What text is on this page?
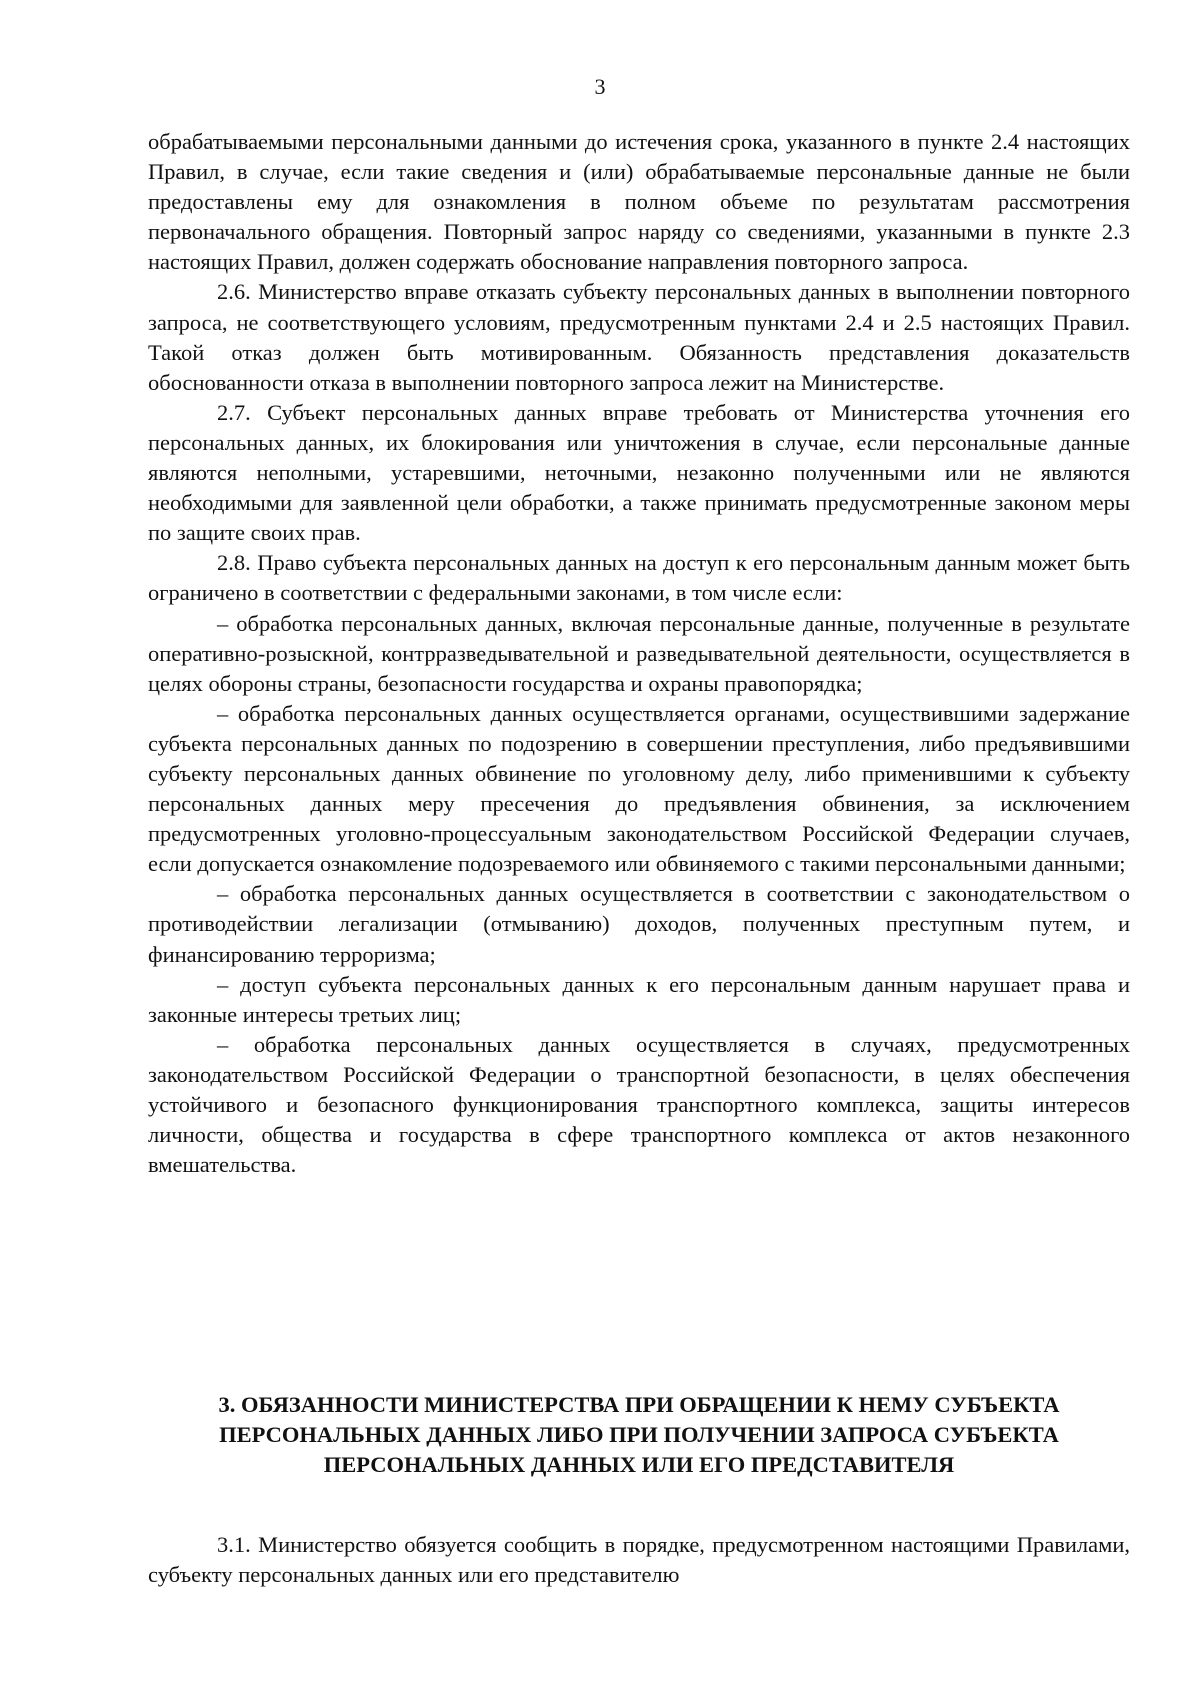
3

обрабатываемыми персональными данными до истечения срока, указанного в пункте 2.4 настоящих Правил, в случае, если такие сведения и (или) обрабатываемые персональные данные не были предоставлены ему для ознакомления в полном объеме по результатам рассмотрения первоначального обращения. Повторный запрос наряду со сведениями, указанными в пункте 2.3 настоящих Правил, должен содержать обоснование направления повторного запроса.

2.6. Министерство вправе отказать субъекту персональных данных в выполнении повторного запроса, не соответствующего условиям, предусмотренным пунктами 2.4 и 2.5 настоящих Правил. Такой отказ должен быть мотивированным. Обязанность представления доказательств обоснованности отказа в выполнении повторного запроса лежит на Министерстве.

2.7. Субъект персональных данных вправе требовать от Министерства уточнения его персональных данных, их блокирования или уничтожения в случае, если персональные данные являются неполными, устаревшими, неточными, незаконно полученными или не являются необходимыми для заявленной цели обработки, а также принимать предусмотренные законом меры по защите своих прав.

2.8. Право субъекта персональных данных на доступ к его персональным данным может быть ограничено в соответствии с федеральными законами, в том числе если:

– обработка персональных данных, включая персональные данные, полученные в результате оперативно-розыскной, контрразведывательной и разведывательной деятельности, осуществляется в целях обороны страны, безопасности государства и охраны правопорядка;

– обработка персональных данных осуществляется органами, осуществившими задержание субъекта персональных данных по подозрению в совершении преступления, либо предъявившими субъекту персональных данных обвинение по уголовному делу, либо применившими к субъекту персональных данных меру пресечения до предъявления обвинения, за исключением предусмотренных уголовно-процессуальным законодательством Российской Федерации случаев, если допускается ознакомление подозреваемого или обвиняемого с такими персональными данными;

– обработка персональных данных осуществляется в соответствии с законодательством о противодействии легализации (отмыванию) доходов, полученных преступным путем, и финансированию терроризма;

– доступ субъекта персональных данных к его персональным данным нарушает права и законные интересы третьих лиц;

– обработка персональных данных осуществляется в случаях, предусмотренных законодательством Российской Федерации о транспортной безопасности, в целях обеспечения устойчивого и безопасного функционирования транспортного комплекса, защиты интересов личности, общества и государства в сфере транспортного комплекса от актов незаконного вмешательства.

3. ОБЯЗАННОСТИ МИНИСТЕРСТВА ПРИ ОБРАЩЕНИИ К НЕМУ СУБЪЕКТА ПЕРСОНАЛЬНЫХ ДАННЫХ ЛИБО ПРИ ПОЛУЧЕНИИ ЗАПРОСА СУБЪЕКТА ПЕРСОНАЛЬНЫХ ДАННЫХ ИЛИ ЕГО ПРЕДСТАВИТЕЛЯ

3.1. Министерство обязуется сообщить в порядке, предусмотренном настоящими Правилами, субъекту персональных данных или его представителю
